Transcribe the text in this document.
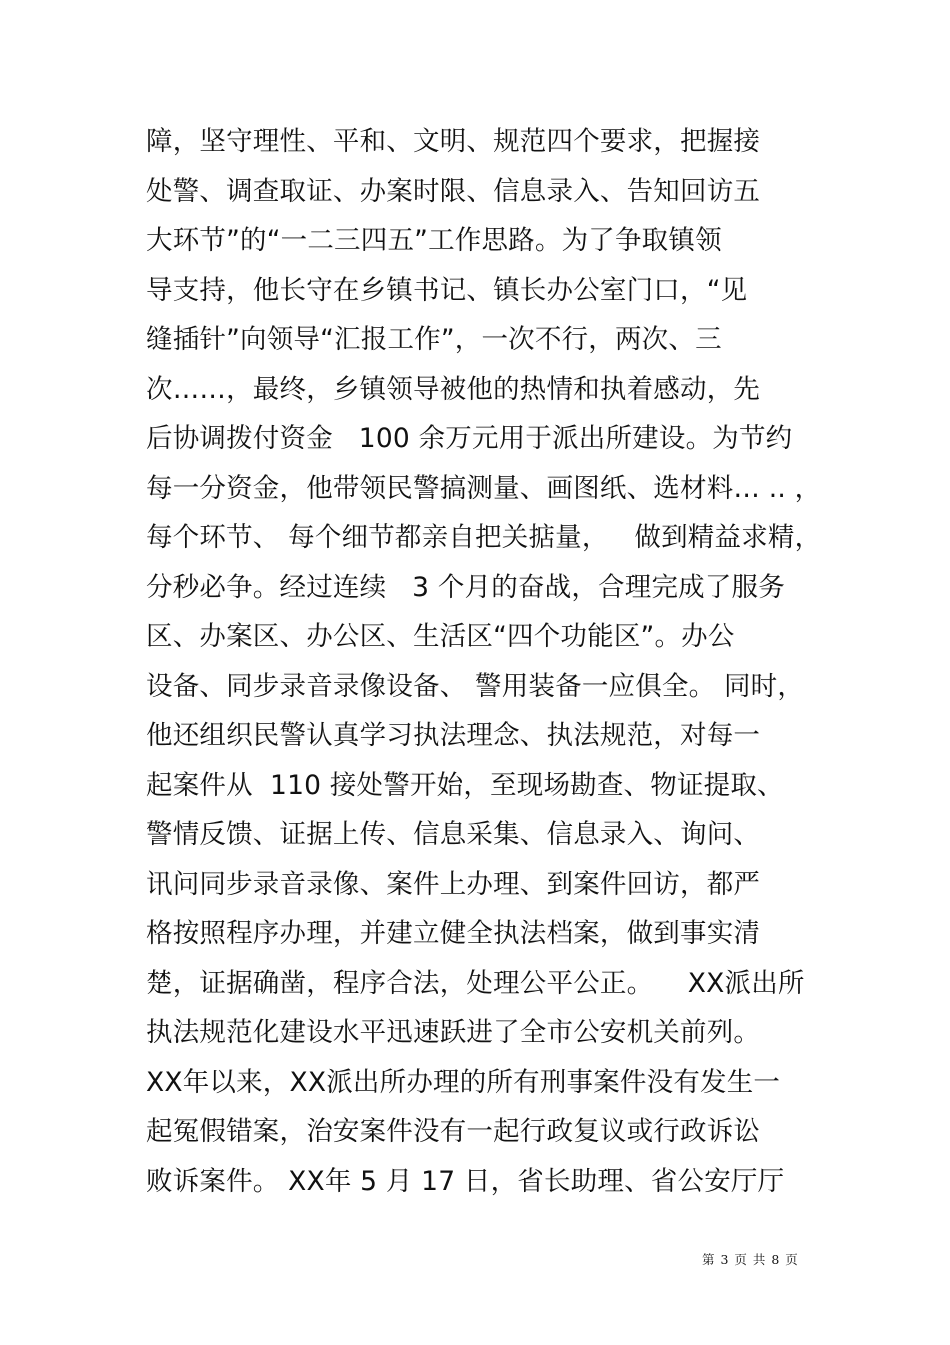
障，坚守理性、平和、文明、规范四个要求，把握接
处警、调查取证、办案时限、信息录入、告知回访五
大环节”的“一二三四五”工作思路。为了争取镇领
导支持，他长守在乡镇书记、镇长办公室门口，“见
缝插针”向领导“汇报工作”，一次不行，两次、三
次……，最终，乡镇领导被他的热情和执着感动，先
后协调拨付资金   100 余万元用于派出所建设。为节约
每一分资金，他带领民警搞测量、画图纸、选材料… .. ，
每个环节、 每个细节都亲自把关掂量，   做到精益求精，
分秒必争。经过连续   3 个月的奋战，合理完成了服务
区、办案区、办公区、生活区“四个功能区”。办公
设备、同步录音录像设备、 警用装备一应俱全。 同时，
他还组织民警认真学习执法理念、执法规范，对每一
起案件从  110 接处警开始，至现场勘查、物证提取、
警情反馈、证据上传、信息采集、信息录入、询问、
讯问同步录音录像、案件上办理、到案件回访，都严
格按照程序办理，并建立健全执法档案，做到事实清
楚，证据确凿，程序合法，处理公平公正。    XX派出所
执法规范化建设水平迅速跃进了全市公安机关前列。
XX年以来，XX派出所办理的所有刑事案件没有发生一
起冤假错案，治安案件没有一起行政复议或行政诉讼
败诉案件。 XX年 5 月 17 日，省长助理、省公安厅厅
第 3 页 共 8 页
